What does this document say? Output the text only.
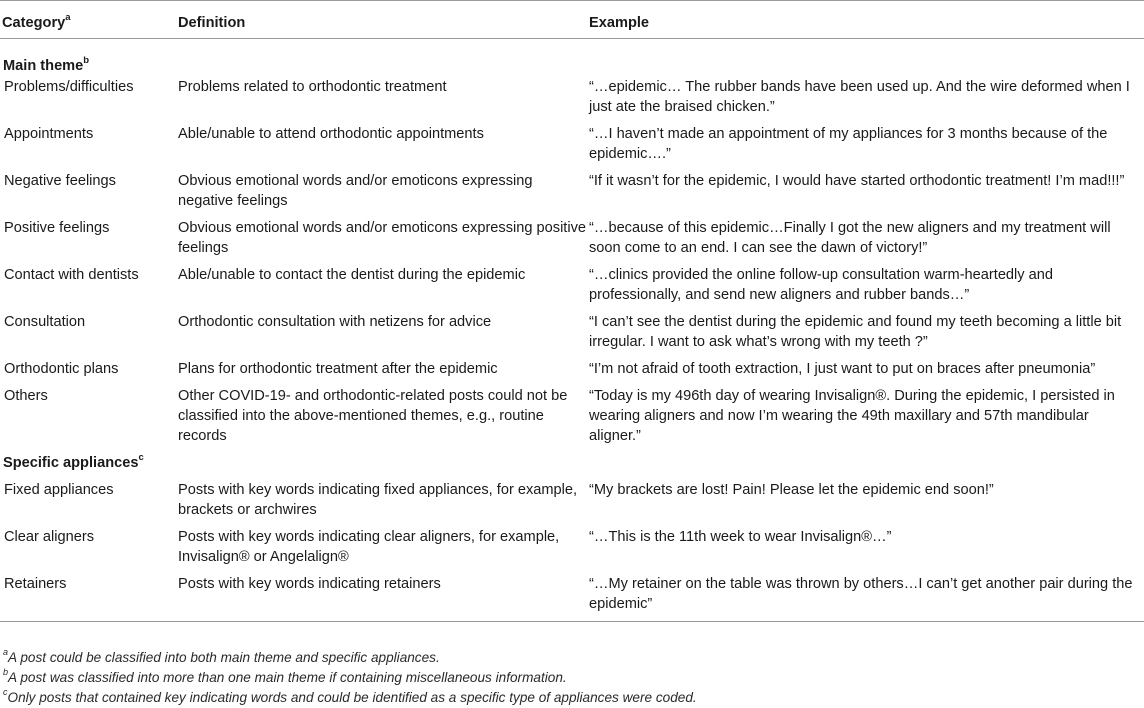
Category$^a$	Definition	Example
Main theme$^b$
Problems/difficulties	Problems related to orthodontic treatment	“…epidemic… The rubber bands have been used up. And the wire deformed when I just ate the braised chicken.”
Appointments	Able/unable to attend orthodontic appointments	“…I haven’t made an appointment of my appliances for 3 months because of the epidemic….”
Negative feelings	Obvious emotional words and/or emoticons expressing negative feelings	“If it wasn’t for the epidemic, I would have started orthodontic treatment! I’m mad!!!”
Positive feelings	Obvious emotional words and/or emoticons expressing positive feelings	“…because of this epidemic…Finally I got the new aligners and my treatment will soon come to an end. I can see the dawn of victory!”
Contact with dentists	Able/unable to contact the dentist during the epidemic	“…clinics provided the online follow-up consultation warm-heartedly and professionally, and send new aligners and rubber bands…”
Consultation	Orthodontic consultation with netizens for advice	“I can’t see the dentist during the epidemic and found my teeth becoming a little bit irregular. I want to ask what’s wrong with my teeth ?”
Orthodontic plans	Plans for orthodontic treatment after the epidemic	“I’m not afraid of tooth extraction, I just want to put on braces after pneumonia”
Others	Other COVID-19- and orthodontic-related posts could not be classified into the above-mentioned themes, e.g., routine records	“Today is my 496th day of wearing Invisalign®. During the epidemic, I persisted in wearing aligners and now I’m wearing the 49th maxillary and 57th mandibular aligner.”
Specific appliances$^c$
Fixed appliances	Posts with key words indicating fixed appliances, for example, brackets or archwires	“My brackets are lost! Pain! Please let the epidemic end soon!”
Clear aligners	Posts with key words indicating clear aligners, for example, Invisalign® or Angelalign®	“…This is the 11th week to wear Invisalign®…”
Retainers	Posts with key words indicating retainers	“…My retainer on the table was thrown by others…I can’t get another pair during the epidemic”
$^a$A post could be classified into both main theme and specific appliances.
$^b$A post was classified into more than one main theme if containing miscellaneous information.
$^c$Only posts that contained key indicating words and could be identified as a specific type of appliances were coded.
